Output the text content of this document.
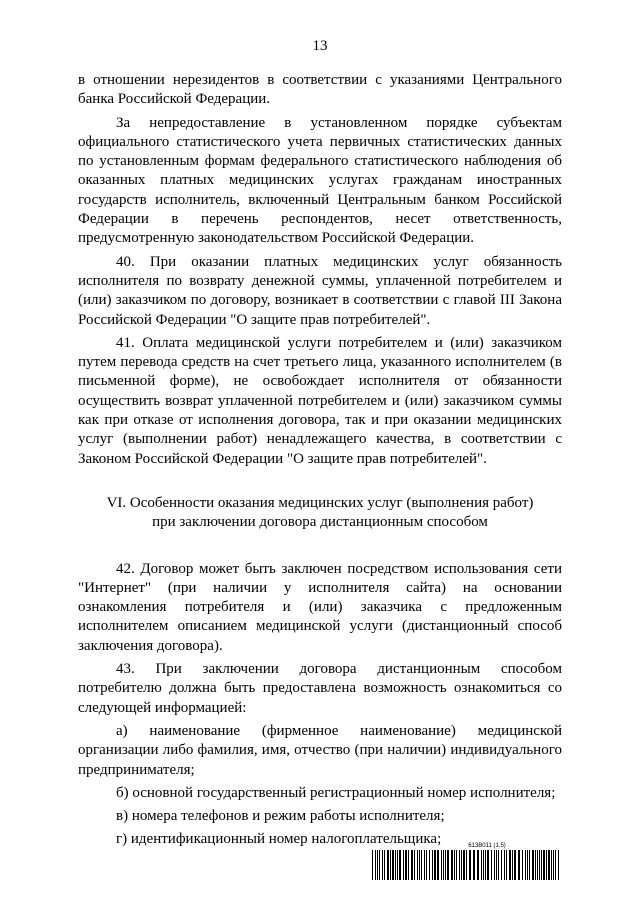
13

в отношении нерезидентов в соответствии с указаниями Центрального банка Российской Федерации.

За непредоставление в установленном порядке субъектам официального статистического учета первичных статистических данных по установленным формам федерального статистического наблюдения об оказанных платных медицинских услугах гражданам иностранных государств исполнитель, включенный Центральным банком Российской Федерации в перечень респондентов, несет ответственность, предусмотренную законодательством Российской Федерации.

40. При оказании платных медицинских услуг обязанность исполнителя по возврату денежной суммы, уплаченной потребителем и (или) заказчиком по договору, возникает в соответствии с главой III Закона Российской Федерации "О защите прав потребителей".

41. Оплата медицинской услуги потребителем и (или) заказчиком путем перевода средств на счет третьего лица, указанного исполнителем (в письменной форме), не освобождает исполнителя от обязанности осуществить возврат уплаченной потребителем и (или) заказчиком суммы как при отказе от исполнения договора, так и при оказании медицинских услуг (выполнении работ) ненадлежащего качества, в соответствии с Законом Российской Федерации "О защите прав потребителей".

VI. Особенности оказания медицинских услуг (выполнения работ)
при заключении договора дистанционным способом

42. Договор может быть заключен посредством использования сети "Интернет" (при наличии у исполнителя сайта) на основании ознакомления потребителя и (или) заказчика с предложенным исполнителем описанием медицинской услуги (дистанционный способ заключения договора).

43. При заключении договора дистанционным способом потребителю должна быть предоставлена возможность ознакомиться со следующей информацией:

а) наименование (фирменное наименование) медицинской организации либо фамилия, имя, отчество (при наличии) индивидуального предпринимателя;

б) основной государственный регистрационный номер исполнителя;

в) номера телефонов и режим работы исполнителя;

г) идентификационный номер налогоплательщика;	613B011 (1.5)
